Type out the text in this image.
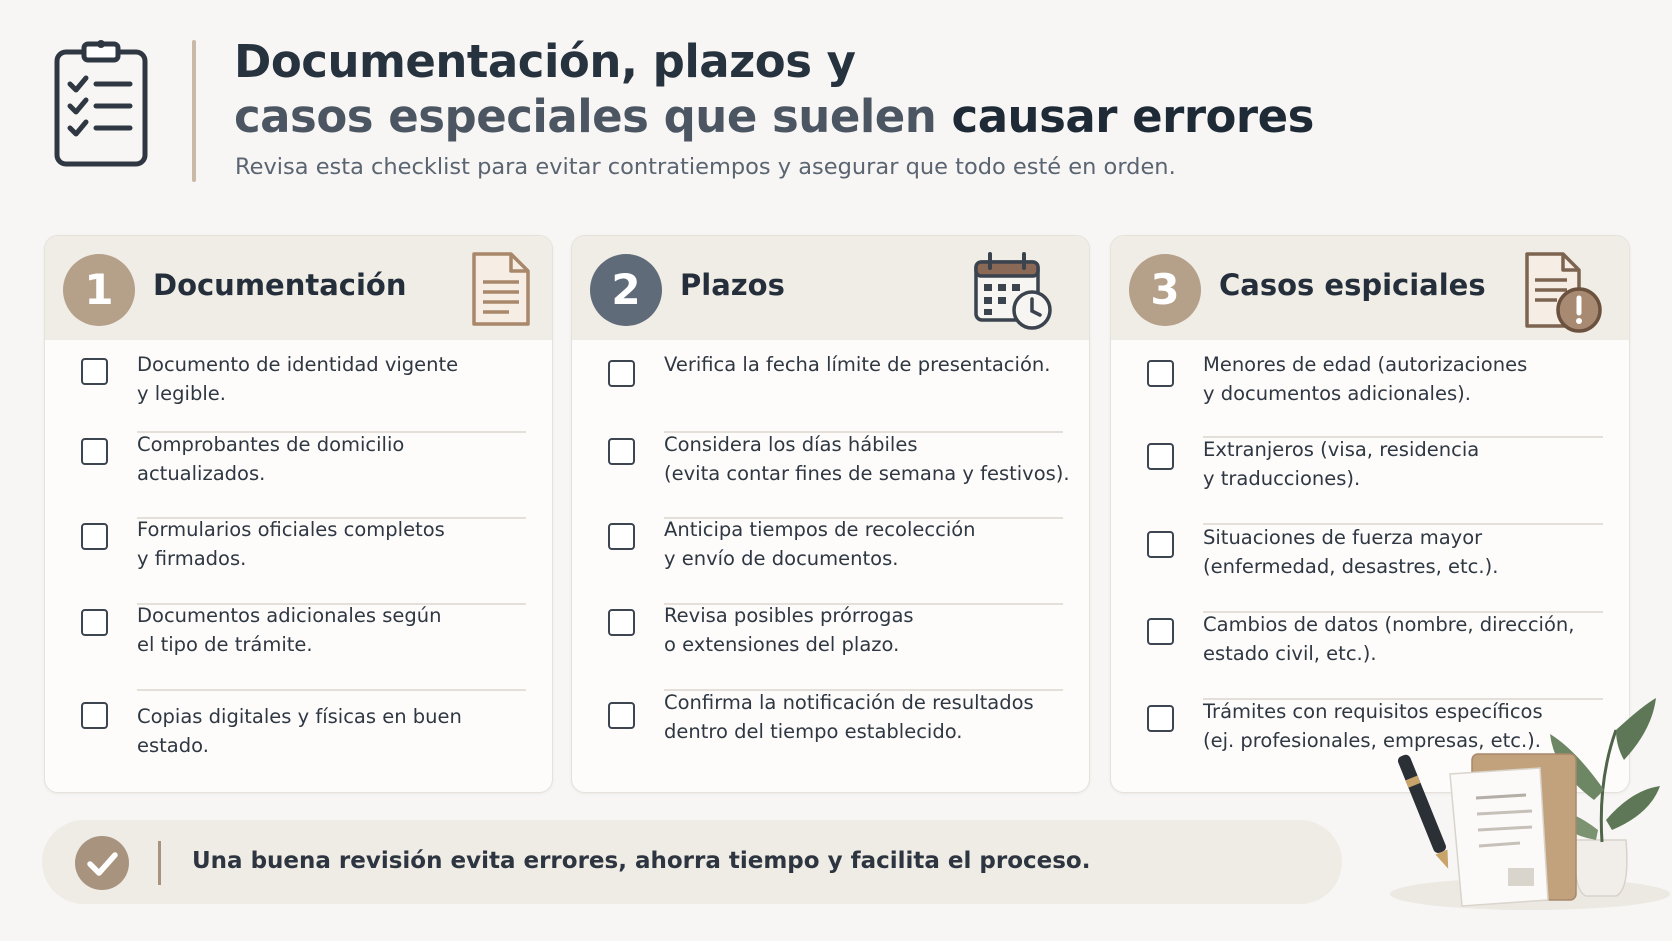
Documentación, plazos y
casos especiales que suelen causar errores
Revisa esta checklist para evitar contratiempos y asegurar que todo esté en orden.
1	Documentación
Documento de identidad vigente
y legible.
Comprobantes de domicilio
actualizados.
Formularios oficiales completos
y firmados.
Documentos adicionales según
el tipo de trámite.
Copias digitales y físicas en buen estado.
2	Plazos
Verifica la fecha límite de presentación.
Considera los días hábiles
(evita contar fines de semana y festivos).
Anticipa tiempos de recolección
y envío de documentos.
Revisa posibles prórrogas
o extensiones del plazo.
Confirma la notificación de resultados
dentro del tiempo establecido.
3	Casos espiciales
Menores de edad (autorizaciones
y documentos adicionales).
Extranjeros (visa, residencia
y traducciones).
Situaciones de fuerza mayor
(enfermedad, desastres, etc.).
Cambios de datos (nombre, dirección,
estado civil, etc.).
Trámites con requisitos específicos
(ej. profesionales, empresas, etc.).
Una buena revisión evita errores, ahorra tiempo y facilita el proceso.
